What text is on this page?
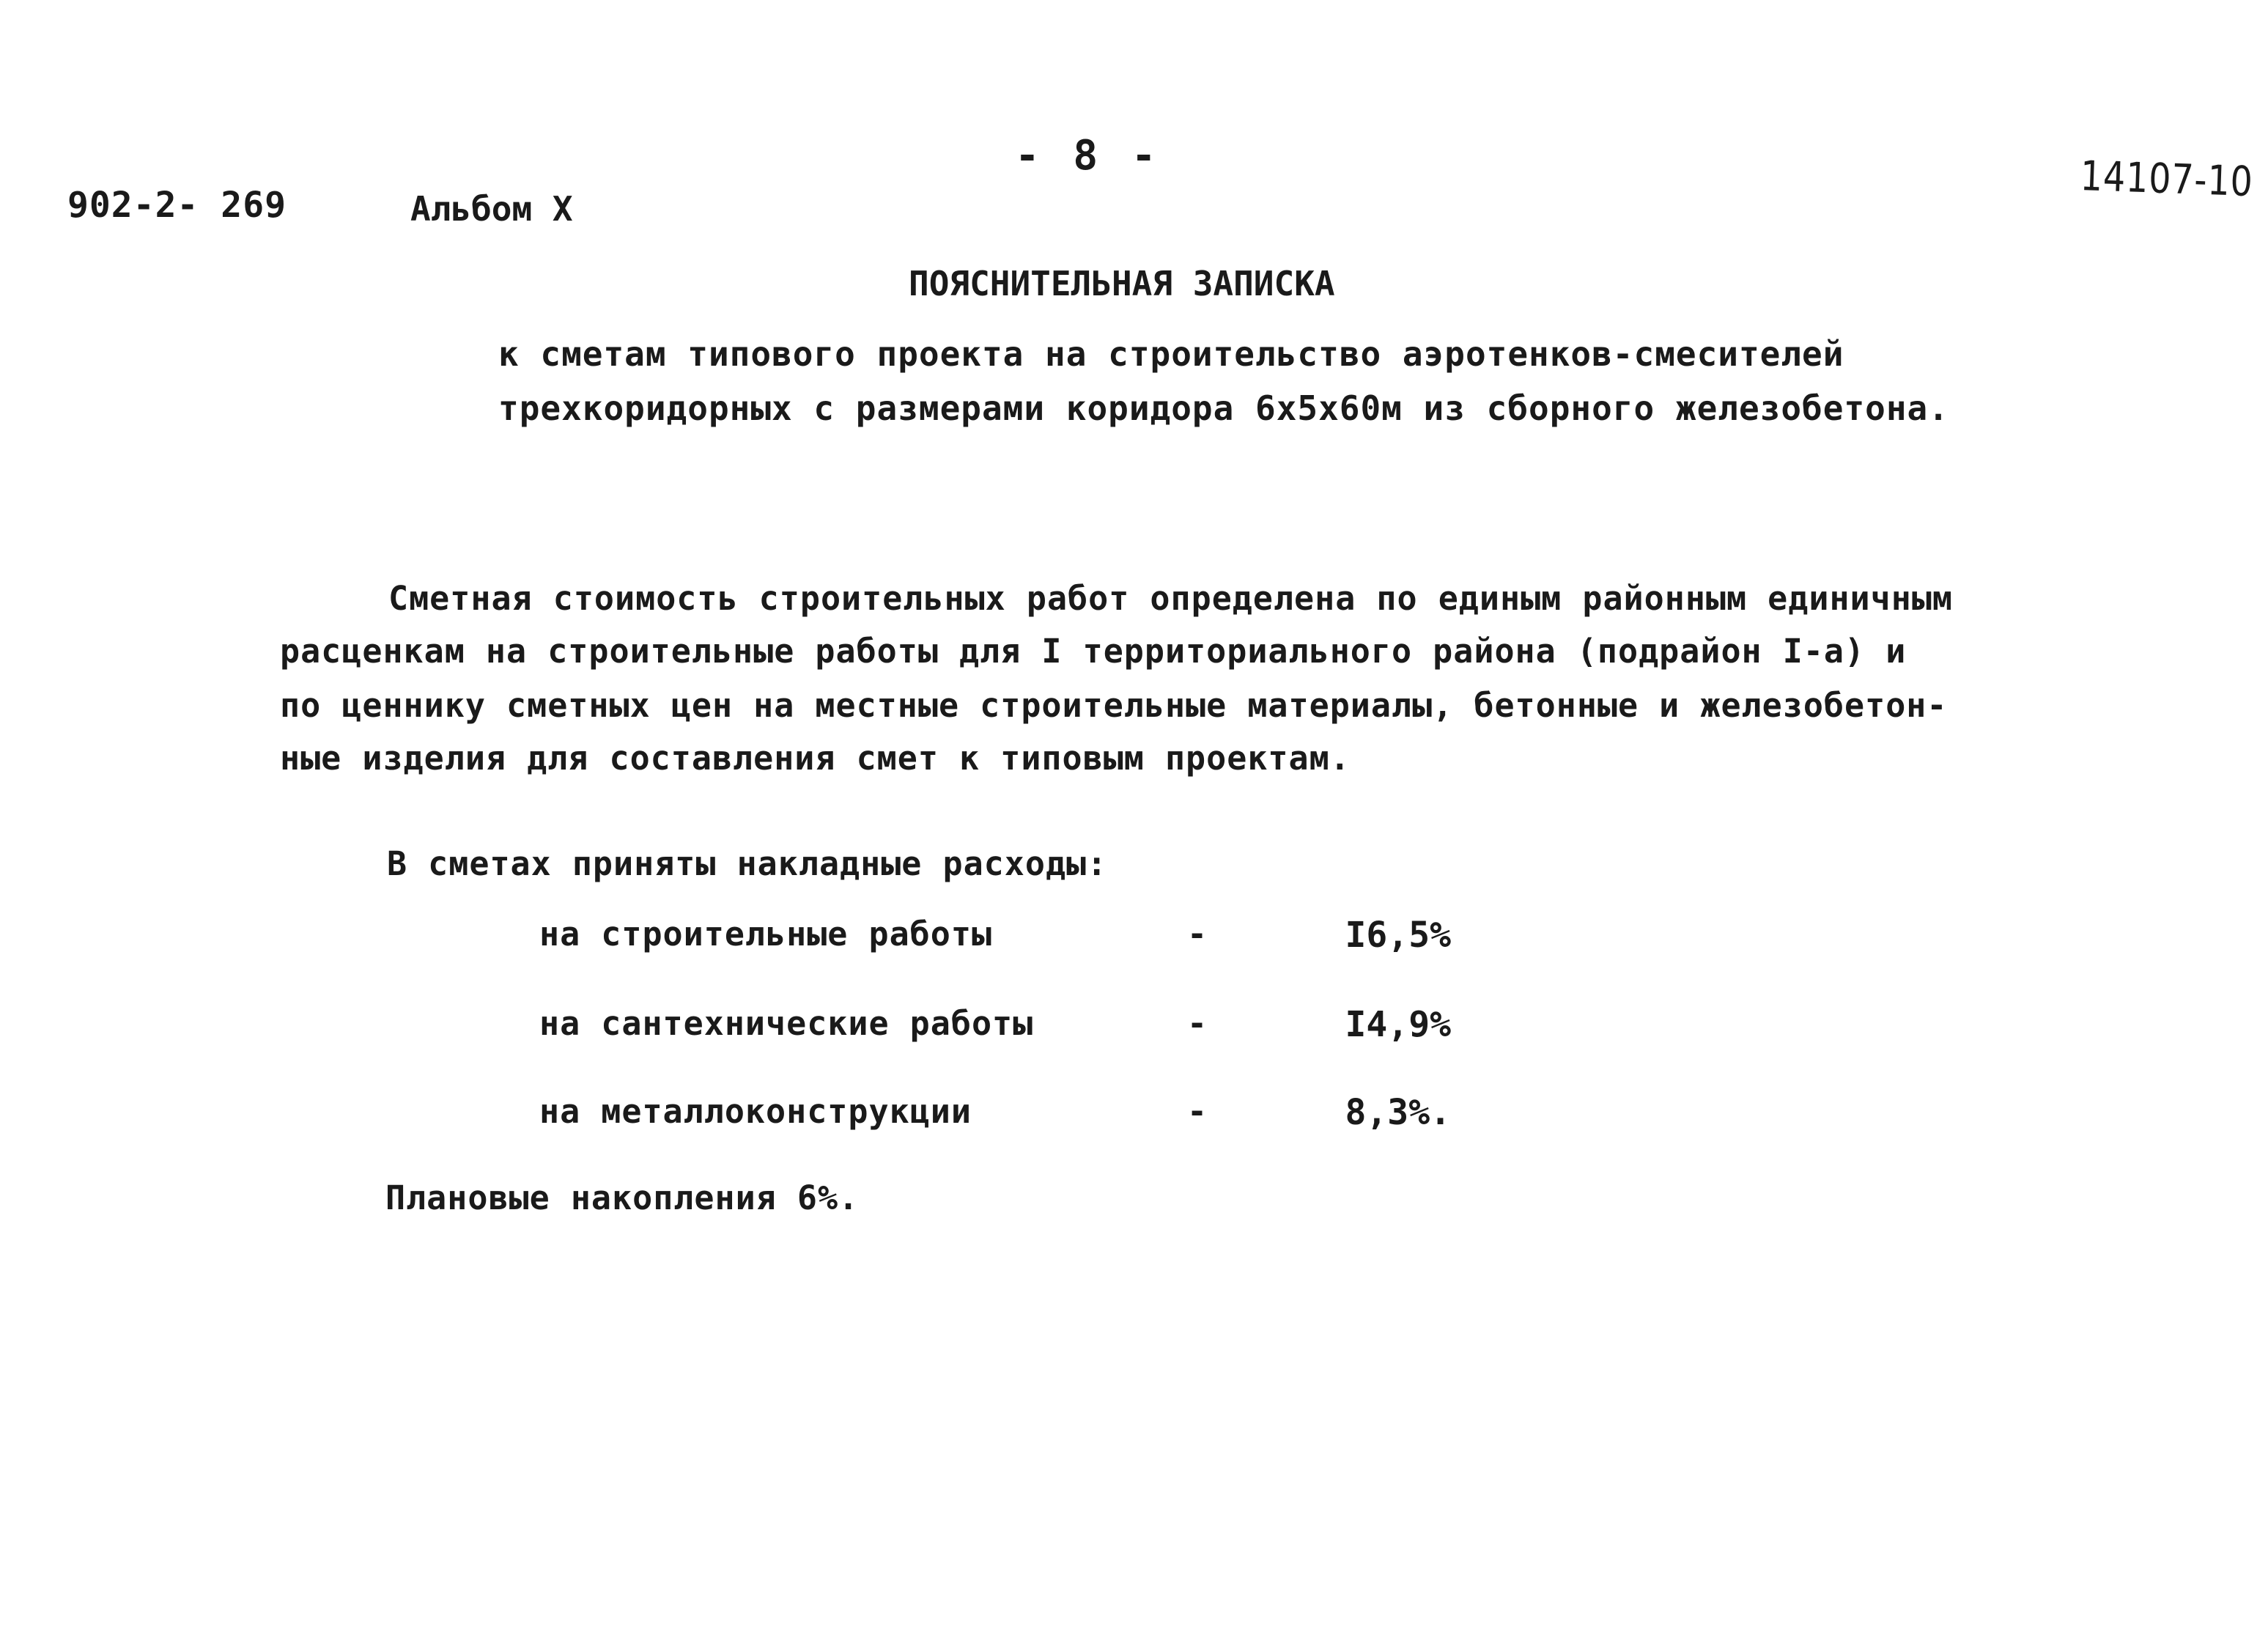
902-2- 269	Альбом X
- 8 -	14107-10
ПОЯСНИТЕЛЬНАЯ ЗАПИСКА
к сметам типового проекта на строительство аэротенков-смесителей
трехкоридорных с размерами коридора 6x5x60м из сборного железобетона.
Сметная стоимость строительных работ определена по единым районным единичным
расценкам на строительные работы для I территориального района (подрайон I-а) и
по ценнику сметных цен на местные строительные материалы, бетонные и железобетон-
ные изделия для составления смет к типовым проектам.
В сметах приняты накладные расходы:
на строительные работы	-	I6,5%
на сантехнические работы	-	I4,9%
на металлоконструкции	-	8,3%.
Плановые накопления 6%.
